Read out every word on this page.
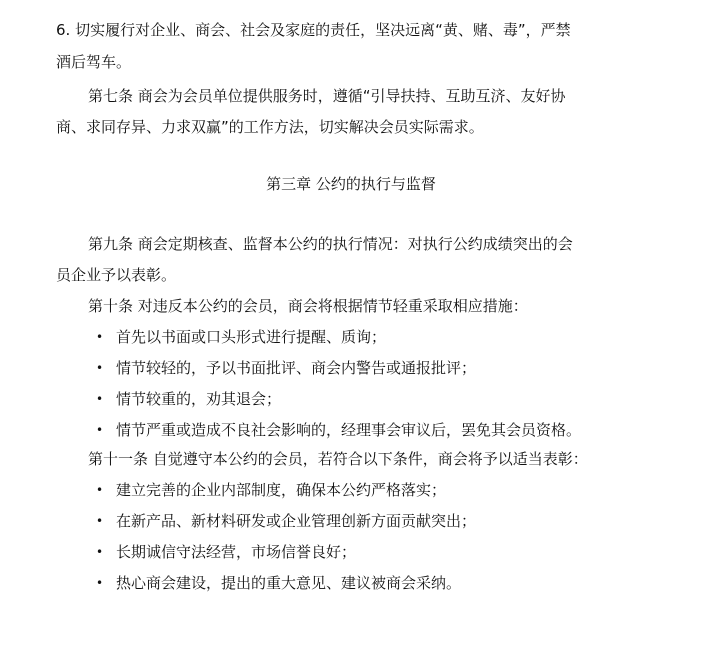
6. 切实履行对企业、商会、社会及家庭的责任，坚决远离“黄、赌、毒”，严禁
酒后驾车。
第七条 商会为会员单位提供服务时，遵循“引导扶持、互助互济、友好协
商、求同存异、力求双赢”的工作方法，切实解决会员实际需求。
第三章 公约的执行与监督
第九条 商会定期核查、监督本公约的执行情况：对执行公约成绩突出的会
员企业予以表彰。
第十条 对违反本公约的会员，商会将根据情节轻重采取相应措施：
• 首先以书面或口头形式进行提醒、质询；
• 情节较轻的，予以书面批评、商会内警告或通报批评；
• 情节较重的，劝其退会；
• 情节严重或造成不良社会影响的，经理事会审议后，罢免其会员资格。
第十一条 自觉遵守本公约的会员，若符合以下条件，商会将予以适当表彰：
• 建立完善的企业内部制度，确保本公约严格落实；
• 在新产品、新材料研发或企业管理创新方面贡献突出；
• 长期诚信守法经营，市场信誉良好；
• 热心商会建设，提出的重大意见、建议被商会采纳。
